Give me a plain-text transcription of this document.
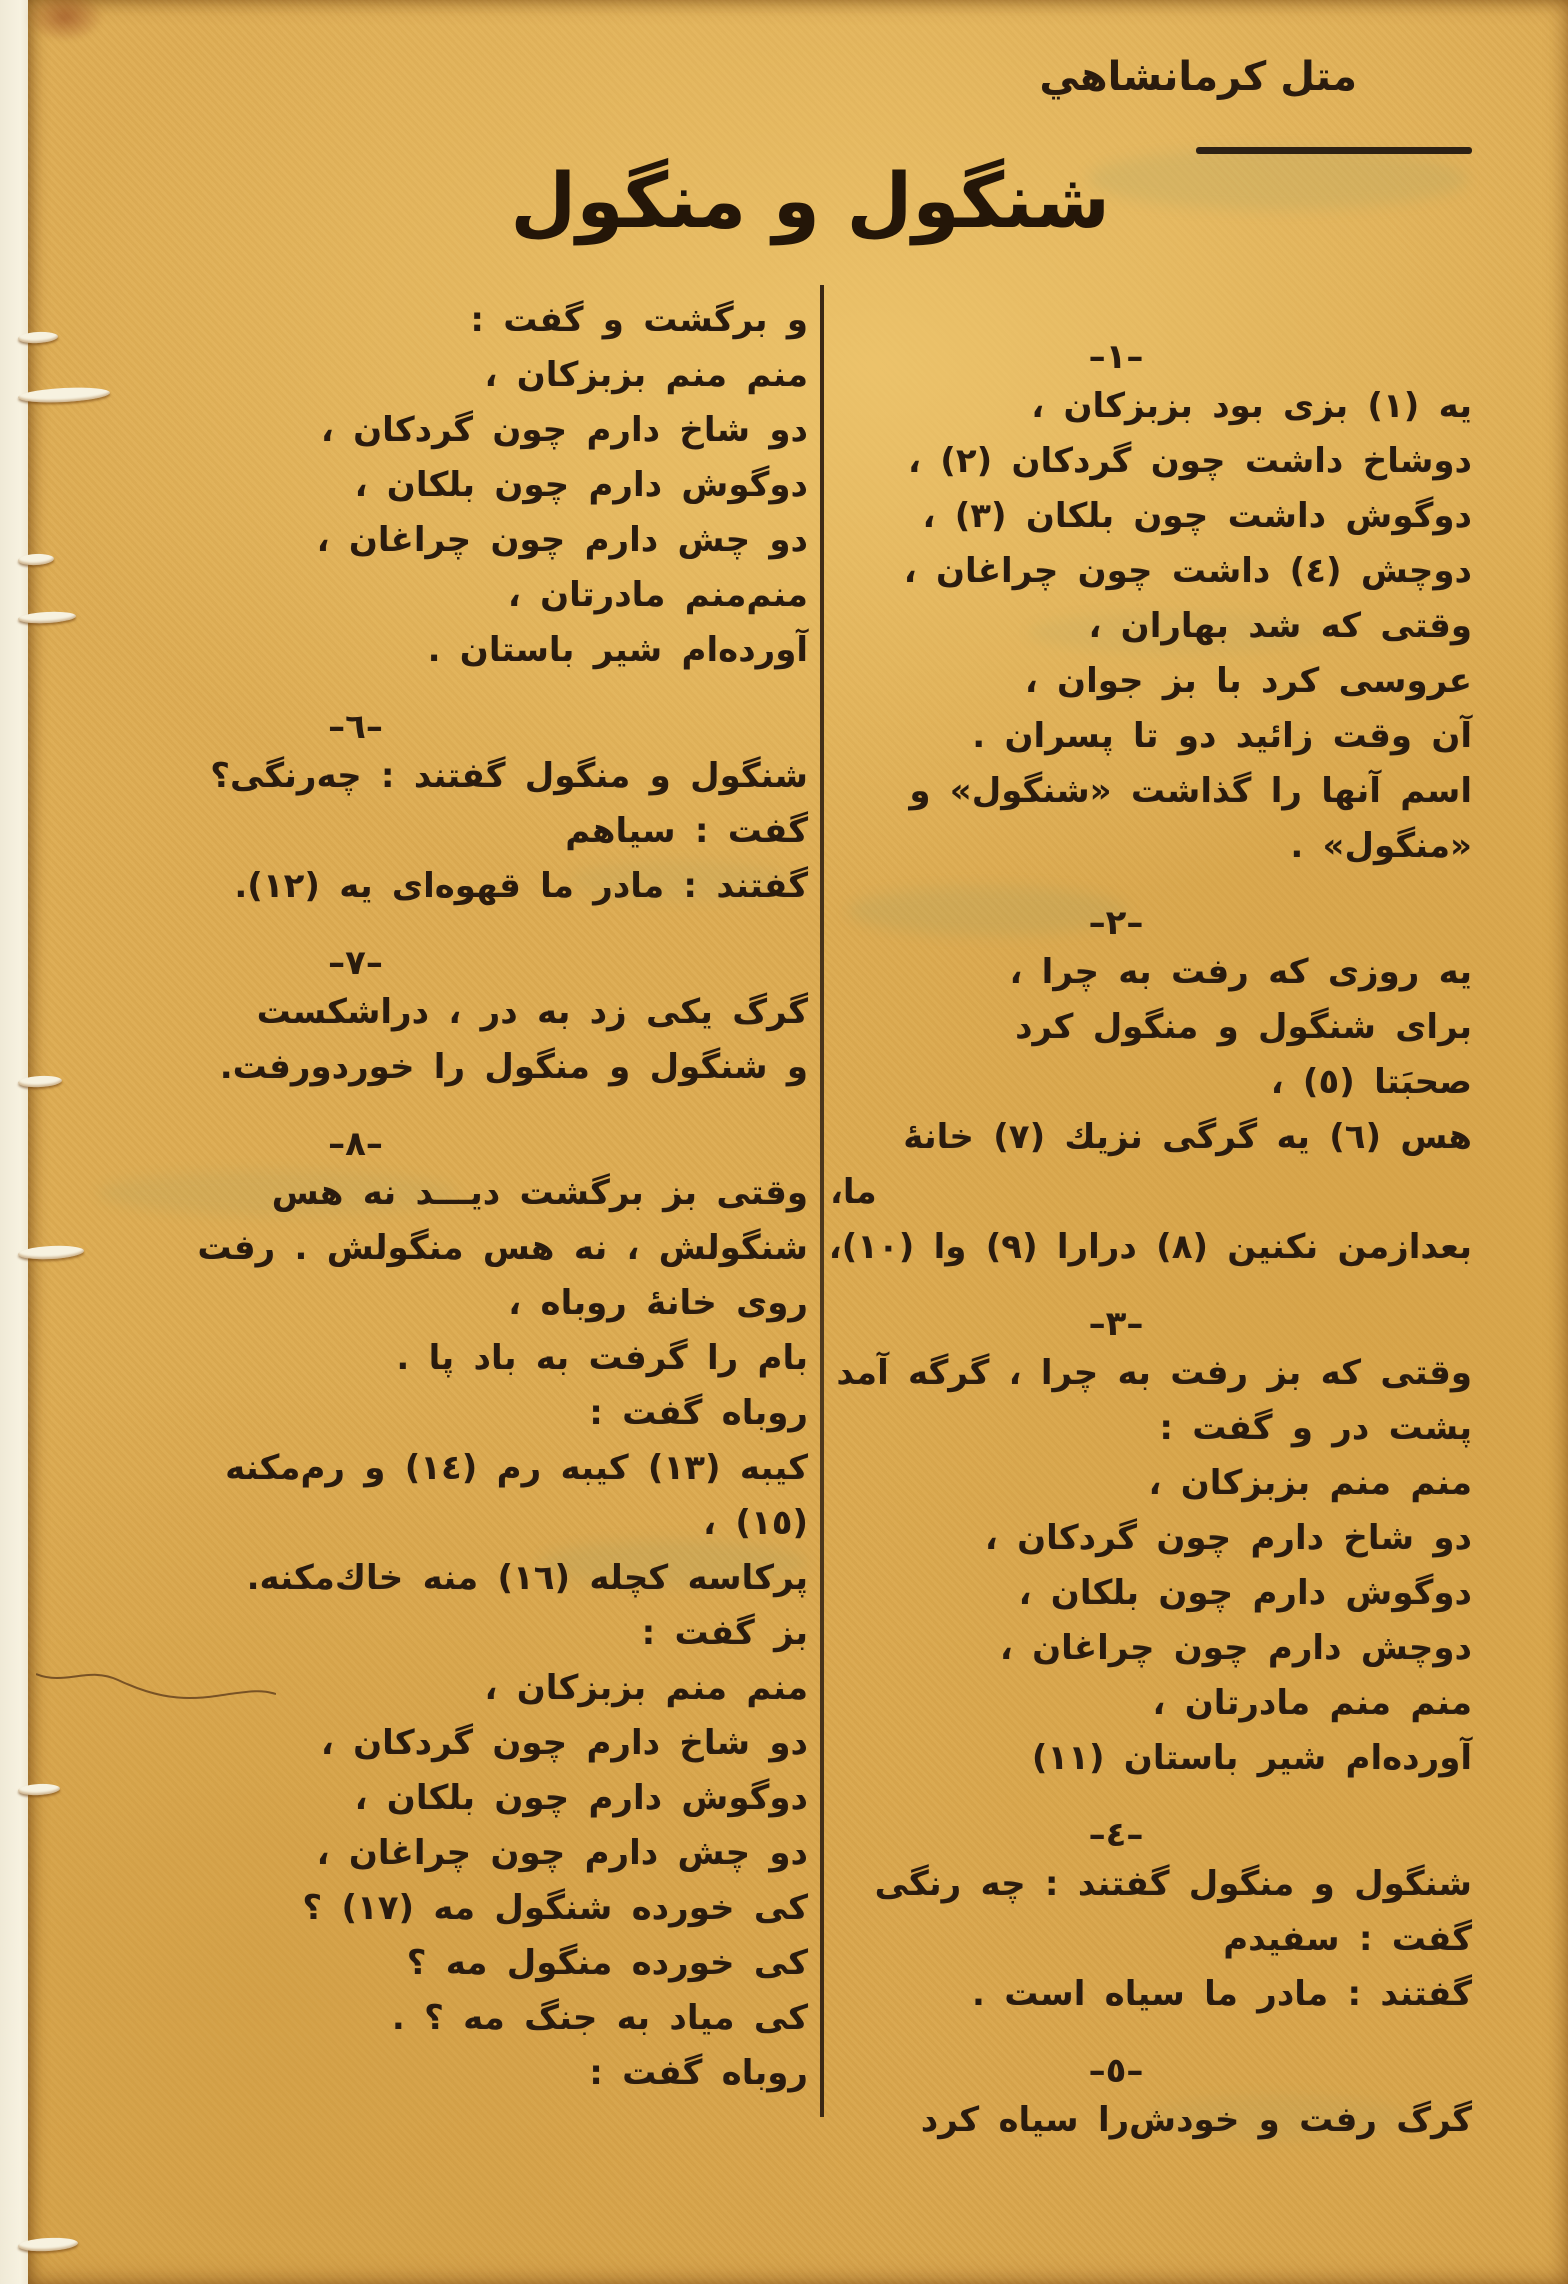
متل كرمانشاهي
شنگول و منگول
–١–
يه (١) بزى بود بزبزكان ،
دوشاخ داشت چون گردكان (٢) ،
دوگوش داشت چون بلكان (٣) ،
دوچش (٤) داشت چون چراغان ،
وقتى كه شد بهاران ،
عروسى كرد با بز جوان ،
آن وقت زائيد دو تا پسران .
اسم آنها را گذاشت «شنگول» و
«منگول» .
–٢–
يه روزى كه رفت به چرا ،
براى شنگول و منگول كرد
صحبَتا (٥) ،
هس (٦) يه گرگى نزيك (٧) خانهٔ
ما،
بعدازمن نكنين (٨) درارا (٩) وا (١٠)،
–٣–
وقتى كه بز رفت به چرا ، گرگه آمد
پشت در و گفت :
منم منم بزبزكان ،
دو شاخ دارم چون گردكان ،
دوگوش دارم چون بلكان ،
دوچش دارم چون چراغان ،
منم منم مادرتان ،
آورده‌ام شير باستان (١١)
–٤–
شنگول و منگول گفتند : چه رنگى
گفت : سفيدم
گفتند : مادر ما سياه است .
–٥–
گرگ رفت و خودش‌را سياه كرد
و برگشت و گفت :
منم منم بزبزكان ،
دو شاخ دارم چون گردكان ،
دوگوش دارم چون بلكان ،
دو چش دارم چون چراغان ،
منم‌منم مادرتان ،
آورده‌ام شير باستان .
–٦–
شنگول و منگول گفتند : چه‌رنگى؟
گفت : سياهم
گفتند : مادر ما قهوه‌اى يه (١٢).
–٧–
گرگ يكى زد به در ، دراشكست
و شنگول و منگول را خوردورفت.
–٨–
وقتى بز برگشت ديـــد نه هس
شنگولش ، نه هس منگولش . رفت
روى خانهٔ روباه ،
بام را گرفت به باد پا .
روباه گفت :
كيبه (١٣) كيبه رم (١٤) و رم‌مكنه
(١٥) ،
پركاسه كچله (١٦) منه خاك‌مكنه.
بز گفت :
منم منم بزبزكان ،
دو شاخ دارم چون گردكان ،
دوگوش دارم چون بلكان ،
دو چش دارم چون چراغان ،
كى خورده شنگول مه (١٧) ؟
كى خورده منگول مه ؟
كى مياد به جنگ مه ؟ .
روباه گفت :
